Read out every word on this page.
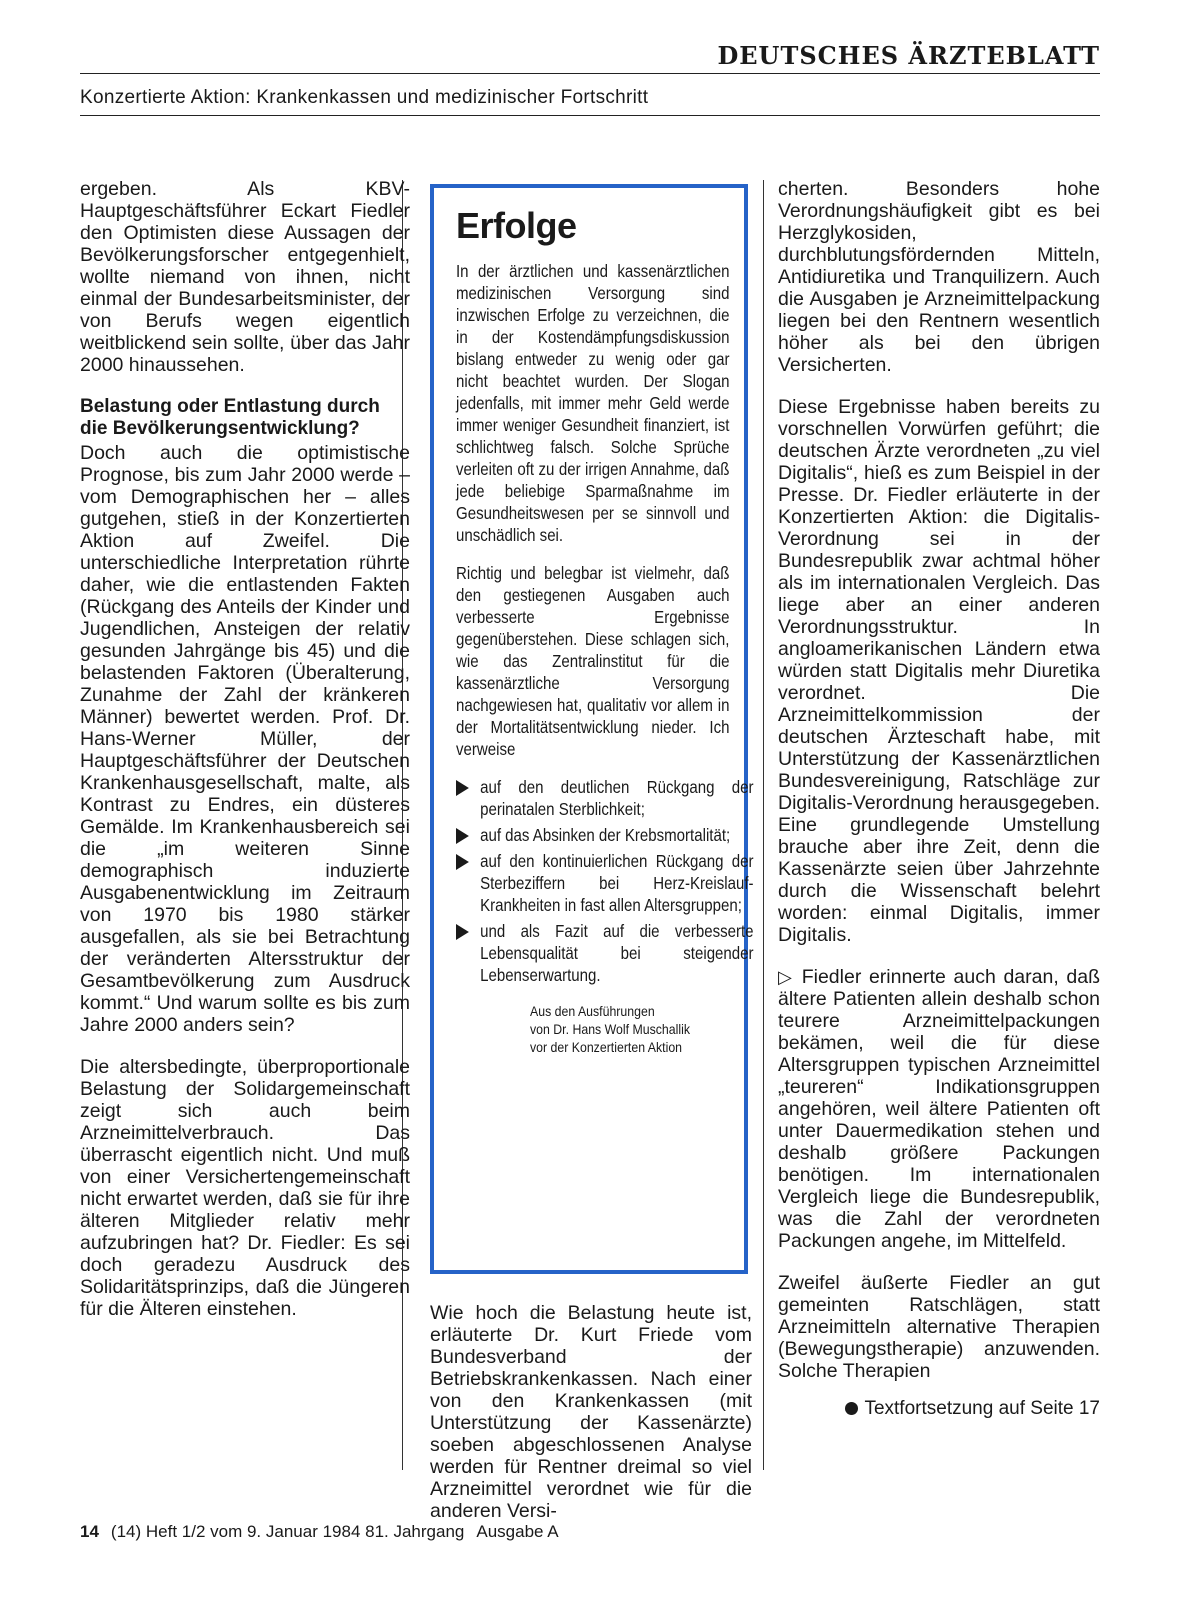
DEUTSCHES ÄRZTEBLATT
Konzertierte Aktion: Krankenkassen und medizinischer Fortschritt

ergeben. Als KBV-Hauptgeschäftsführer Eckart Fiedler den Optimisten diese Aussagen der Bevölkerungsforscher entgegenhielt, wollte niemand von ihnen, nicht einmal der Bundesarbeitsminister, der von Berufs wegen eigentlich weitblickend sein sollte, über das Jahr 2000 hinaussehen.

Belastung oder Entlastung durch die Bevölkerungsentwicklung?

Doch auch die optimistische Prognose, bis zum Jahr 2000 werde – vom Demographischen her – alles gutgehen, stieß in der Konzertierten Aktion auf Zweifel. Die unterschiedliche Interpretation rührte daher, wie die entlastenden Fakten (Rückgang des Anteils der Kinder und Jugendlichen, Ansteigen der relativ gesunden Jahrgänge bis 45) und die belastenden Faktoren (Überalterung, Zunahme der Zahl der kränkeren Männer) bewertet werden. Prof. Dr. Hans-Werner Müller, der Hauptgeschäftsführer der Deutschen Krankenhausgesellschaft, malte, als Kontrast zu Endres, ein düsteres Gemälde. Im Krankenhausbereich sei die „im weiteren Sinne demographisch induzierte Ausgabenentwicklung im Zeitraum von 1970 bis 1980 stärker ausgefallen, als sie bei Betrachtung der veränderten Altersstruktur der Gesamtbevölkerung zum Ausdruck kommt.“ Und warum sollte es bis zum Jahre 2000 anders sein?

Die altersbedingte, überproportionale Belastung der Solidargemeinschaft zeigt sich auch beim Arzneimittelverbrauch. Das überrascht eigentlich nicht. Und muß von einer Versichertengemeinschaft nicht erwartet werden, daß sie für ihre älteren Mitglieder relativ mehr aufzubringen hat? Dr. Fiedler: Es sei doch geradezu Ausdruck des Solidaritätsprinzips, daß die Jüngeren für die Älteren einstehen.

Erfolge

In der ärztlichen und kassenärztlichen medizinischen Versorgung sind inzwischen Erfolge zu verzeichnen, die in der Kostendämpfungsdiskussion bislang entweder zu wenig oder gar nicht beachtet wurden. Der Slogan jedenfalls, mit immer mehr Geld werde immer weniger Gesundheit finanziert, ist schlichtweg falsch. Solche Sprüche verleiten oft zu der irrigen Annahme, daß jede beliebige Sparmaßnahme im Gesundheitswesen per se sinnvoll und unschädlich sei.

Richtig und belegbar ist vielmehr, daß den gestiegenen Ausgaben auch verbesserte Ergebnisse gegenüberstehen. Diese schlagen sich, wie das Zentralinstitut für die kassenärztliche Versorgung nachgewiesen hat, qualitativ vor allem in der Mortalitätsentwicklung nieder. Ich verweise

auf den deutlichen Rückgang der perinatalen Sterblichkeit;
auf das Absinken der Krebsmortalität;
auf den kontinuierlichen Rückgang der Sterbeziffern bei Herz-Kreislauf-Krankheiten in fast allen Altersgruppen;
und als Fazit auf die verbesserte Lebensqualität bei steigender Lebenserwartung.
Aus den Ausführungen
von Dr. Hans Wolf Muschallik
vor der Konzertierten Aktion

Wie hoch die Belastung heute ist, erläuterte Dr. Kurt Friede vom Bundesverband der Betriebskrankenkassen. Nach einer von den Krankenkassen (mit Unterstützung der Kassenärzte) soeben abgeschlossenen Analyse werden für Rentner dreimal so viel Arzneimittel verordnet wie für die anderen Versi-

cherten. Besonders hohe Verordnungshäufigkeit gibt es bei Herzglykosiden, durchblutungsfördernden Mitteln, Antidiuretika und Tranquilizern. Auch die Ausgaben je Arzneimittelpackung liegen bei den Rentnern wesentlich höher als bei den übrigen Versicherten.

Diese Ergebnisse haben bereits zu vorschnellen Vorwürfen geführt; die deutschen Ärzte verordneten „zu viel Digitalis“, hieß es zum Beispiel in der Presse. Dr. Fiedler erläuterte in der Konzertierten Aktion: die Digitalis-Verordnung sei in der Bundesrepublik zwar achtmal höher als im internationalen Vergleich. Das liege aber an einer anderen Verordnungsstruktur. In angloamerikanischen Ländern etwa würden statt Digitalis mehr Diuretika verordnet. Die Arzneimittelkommission der deutschen Ärzteschaft habe, mit Unterstützung der Kassenärztlichen Bundesvereinigung, Ratschläge zur Digitalis-Verordnung herausgegeben. Eine grundlegende Umstellung brauche aber ihre Zeit, denn die Kassenärzte seien über Jahrzehnte durch die Wissenschaft belehrt worden: einmal Digitalis, immer Digitalis.

▷ Fiedler erinnerte auch daran, daß ältere Patienten allein deshalb schon teurere Arzneimittelpackungen bekämen, weil die für diese Altersgruppen typischen Arzneimittel „teureren“ Indikationsgruppen angehören, weil ältere Patienten oft unter Dauermedikation stehen und deshalb größere Packungen benötigen. Im internationalen Vergleich liege die Bundesrepublik, was die Zahl der verordneten Packungen angehe, im Mittelfeld.

Zweifel äußerte Fiedler an gut gemeinten Ratschlägen, statt Arzneimitteln alternative Therapien (Bewegungstherapie) anzuwenden. Solche Therapien

Textfortsetzung auf Seite 17
14 (14) Heft 1/2 vom 9. Januar 1984 81. Jahrgang Ausgabe A
